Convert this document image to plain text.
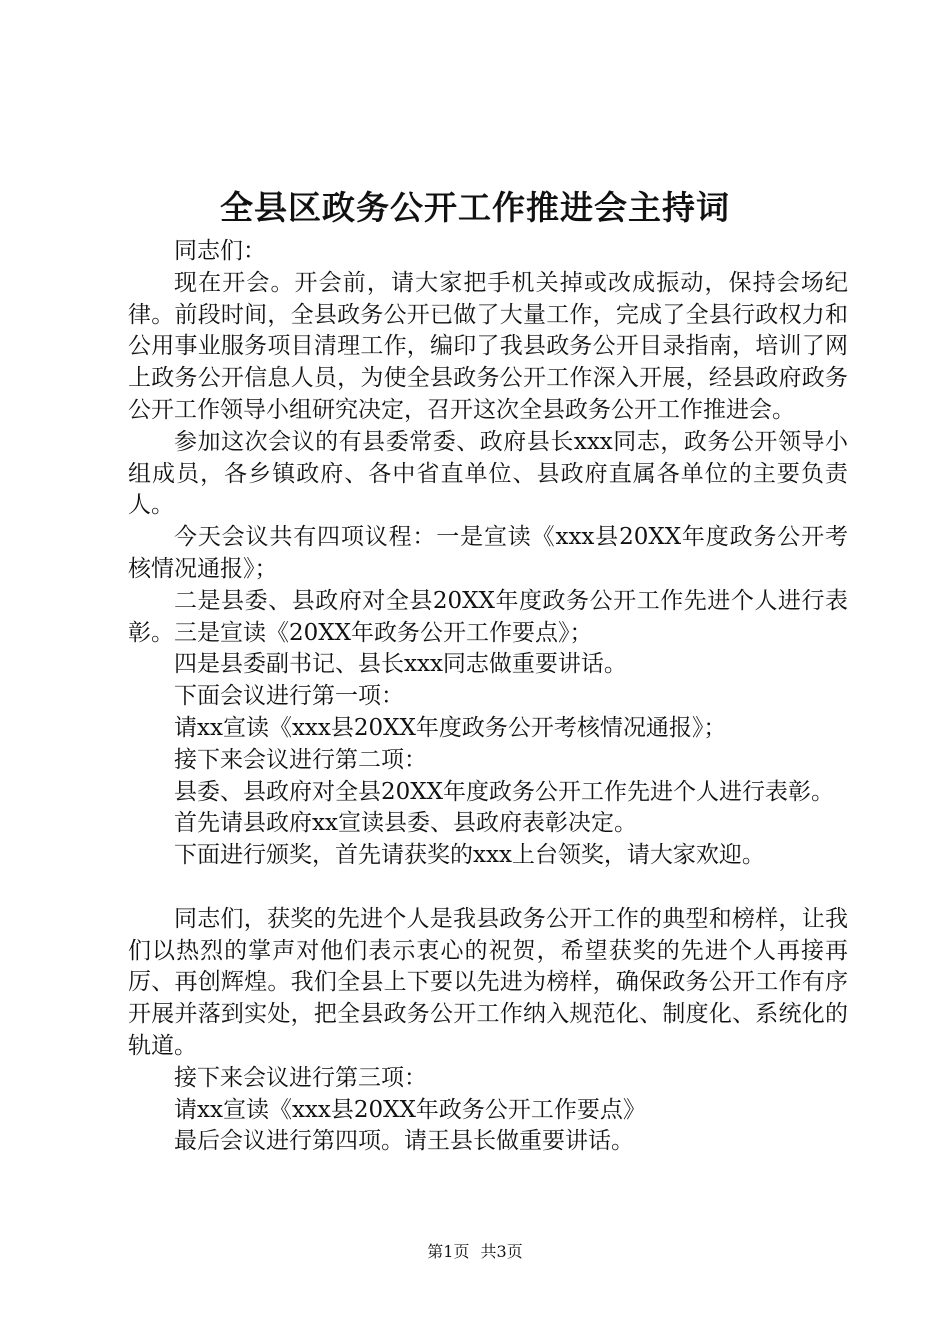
全县区政务公开工作推进会主持词

同志们：

现在开会。开会前，请大家把手机关掉或改成振动，保持会场纪律。前段时间，全县政务公开已做了大量工作，完成了全县行政权力和公用事业服务项目清理工作，编印了我县政务公开目录指南，培训了网上政务公开信息人员，为使全县政务公开工作深入开展，经县政府政务公开工作领导小组研究决定，召开这次全县政务公开工作推进会。

参加这次会议的有县委常委、政府县长xxx同志，政务公开领导小组成员，各乡镇政府、各中省直单位、县政府直属各单位的主要负责人。

今天会议共有四项议程：一是宣读《xxx县20XX年度政务公开考核情况通报》；

二是县委、县政府对全县20XX年度政务公开工作先进个人进行表彰。三是宣读《20XX年政务公开工作要点》；

四是县委副书记、县长xxx同志做重要讲话。

下面会议进行第一项：

请xx宣读《xxx县20XX年度政务公开考核情况通报》；

接下来会议进行第二项：

县委、县政府对全县20XX年度政务公开工作先进个人进行表彰。

首先请县政府xx宣读县委、县政府表彰决定。

下面进行颁奖，首先请获奖的xxx上台领奖，请大家欢迎。

同志们，获奖的先进个人是我县政务公开工作的典型和榜样，让我们以热烈的掌声对他们表示衷心的祝贺，希望获奖的先进个人再接再厉、再创辉煌。我们全县上下要以先进为榜样，确保政务公开工作有序开展并落到实处，把全县政务公开工作纳入规范化、制度化、系统化的轨道。

接下来会议进行第三项：

请xx宣读《xxx县20XX年政务公开工作要点》

最后会议进行第四项。请王县长做重要讲话。

第1页 共3页
